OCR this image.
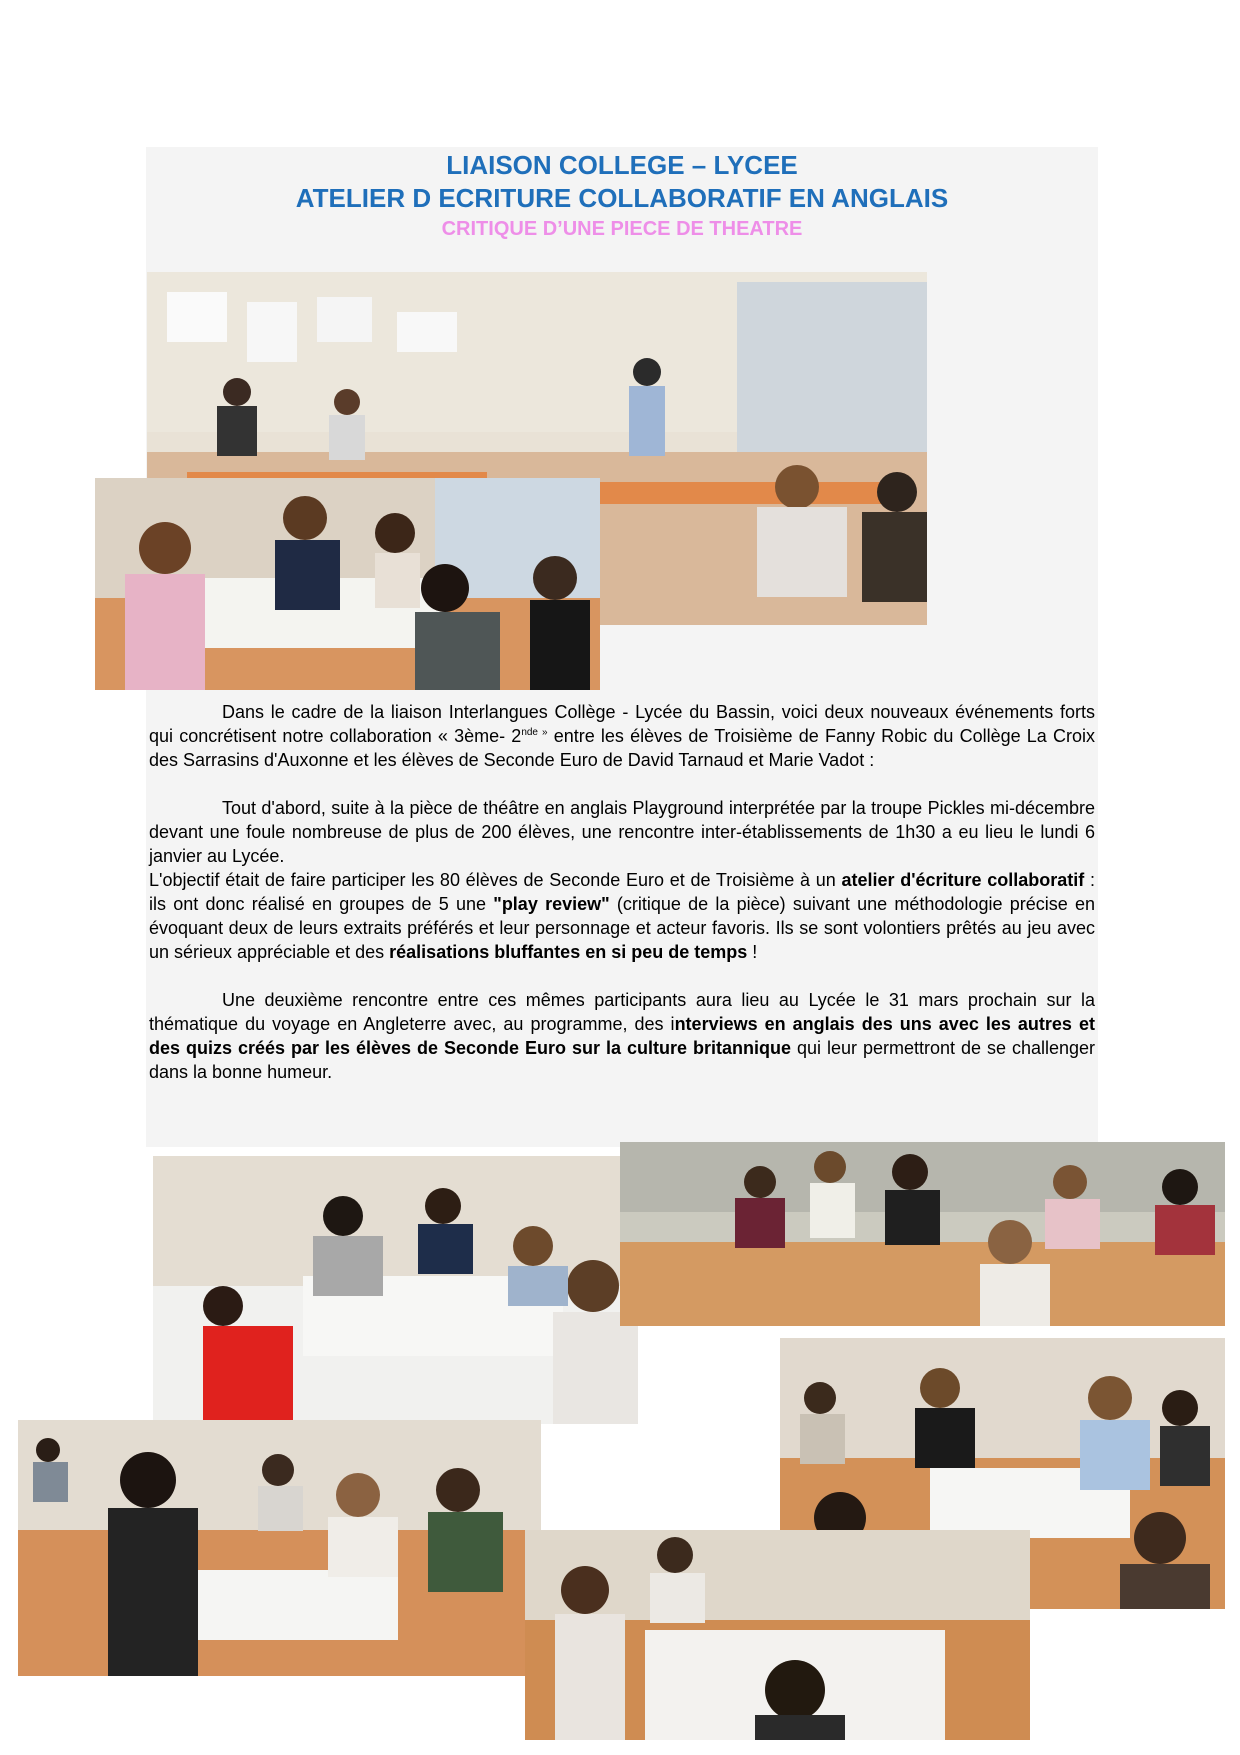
LIAISON COLLEGE – LYCEE
ATELIER D ECRITURE COLLABORATIF EN ANGLAIS
CRITIQUE D’UNE PIECE DE THEATRE

Dans le cadre de la liaison Interlangues Collège - Lycée du Bassin, voici deux nouveaux événements forts qui concrétisent notre collaboration « 3ème- $2^{nde »}$ entre les élèves de Troisième de Fanny Robic du Collège La Croix des Sarrasins d'Auxonne et les élèves de Seconde Euro de David Tarnaud et Marie Vadot :

Tout d'abord, suite à la pièce de théâtre en anglais Playground interprétée par la troupe Pickles mi-décembre devant une foule nombreuse de plus de 200 élèves, une rencontre inter-établissements de 1h30 a eu lieu le lundi 6 janvier au Lycée.

L'objectif était de faire participer les 80 élèves de Seconde Euro et de Troisième à un atelier d'écriture collaboratif : ils ont donc réalisé en groupes de 5 une "play review" (critique de la pièce) suivant une méthodologie précise en évoquant deux de leurs extraits préférés et leur personnage et acteur favoris. Ils se sont volontiers prêtés au jeu avec un sérieux appréciable et des réalisations bluffantes en si peu de temps !

Une deuxième rencontre entre ces mêmes participants aura lieu au Lycée le 31 mars prochain sur la thématique du voyage en Angleterre avec, au programme, des interviews en anglais des uns avec les autres et des quizs créés par les élèves de Seconde Euro sur la culture britannique qui leur permettront de se challenger dans la bonne humeur.
